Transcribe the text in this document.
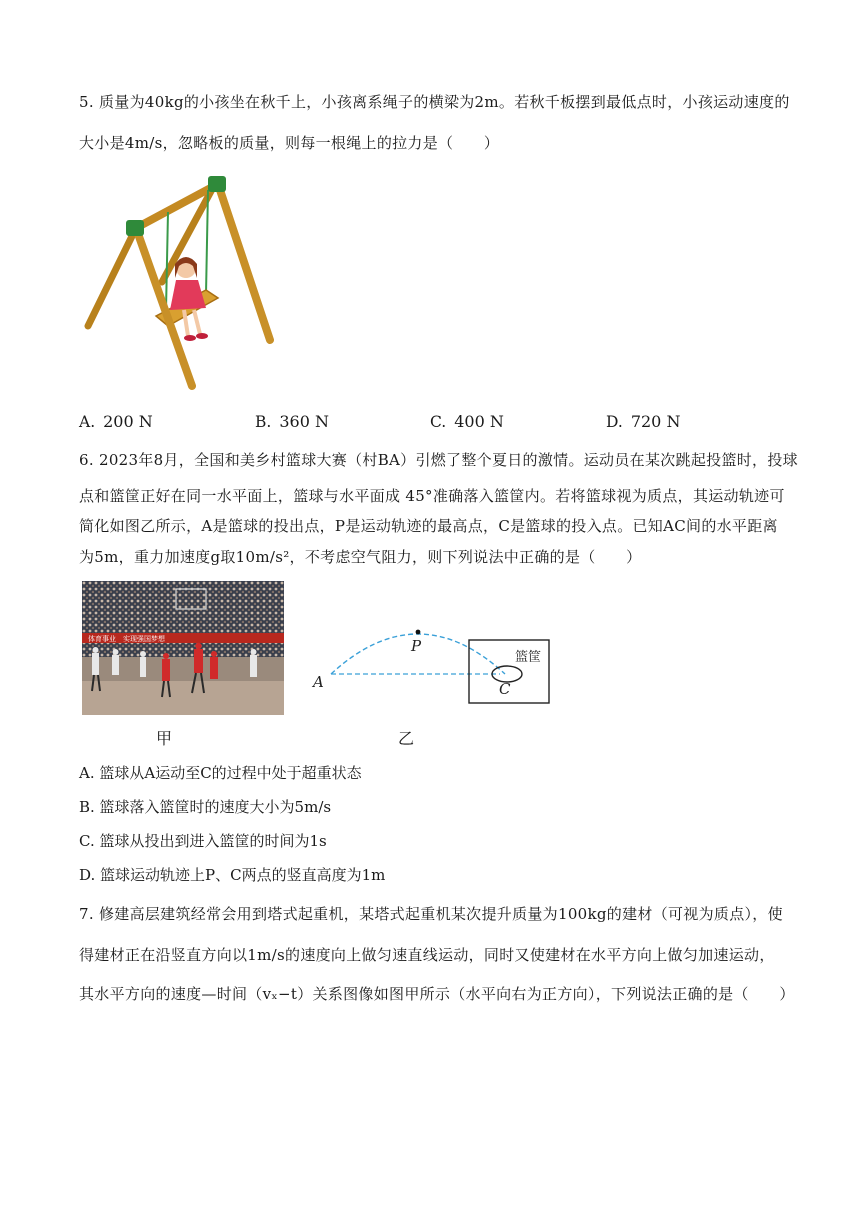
5. 质量为40kg的小孩坐在秋千上，小孩离系绳子的横梁为2m。若秋千板摆到最低点时，小孩运动速度的
大小是4m/s，忽略板的质量，则每一根绳上的拉力是（　　）
A. 200 N	B. 360 N	C. 400 N	D. 720 N
6. 2023年8月，全国和美乡村篮球大赛（村BA）引燃了整个夏日的激情。运动员在某次跳起投篮时，投球
点和篮筐正好在同一水平面上，篮球与水平面成 45°准确落入篮筐内。若将篮球视为质点，其运动轨迹可
简化如图乙所示，A是篮球的投出点，P是运动轨迹的最高点，C是篮球的投入点。已知AC间的水平距离
为5m，重力加速度g取10m/s²，不考虑空气阻力，则下列说法中正确的是（　　）
体育事业　实现强国梦想
甲
A
P
C
篮筐
乙
A. 篮球从A运动至C的过程中处于超重状态
B. 篮球落入篮筐时的速度大小为5m/s
C. 篮球从投出到进入篮筐的时间为1s
D. 篮球运动轨迹上P、C两点的竖直高度为1m
7. 修建高层建筑经常会用到塔式起重机，某塔式起重机某次提升质量为100kg的建材（可视为质点），使
得建材正在沿竖直方向以1m/s的速度向上做匀速直线运动，同时又使建材在水平方向上做匀加速运动，
其水平方向的速度—时间（vₓ−t）关系图像如图甲所示（水平向右为正方向），下列说法正确的是（　　）
